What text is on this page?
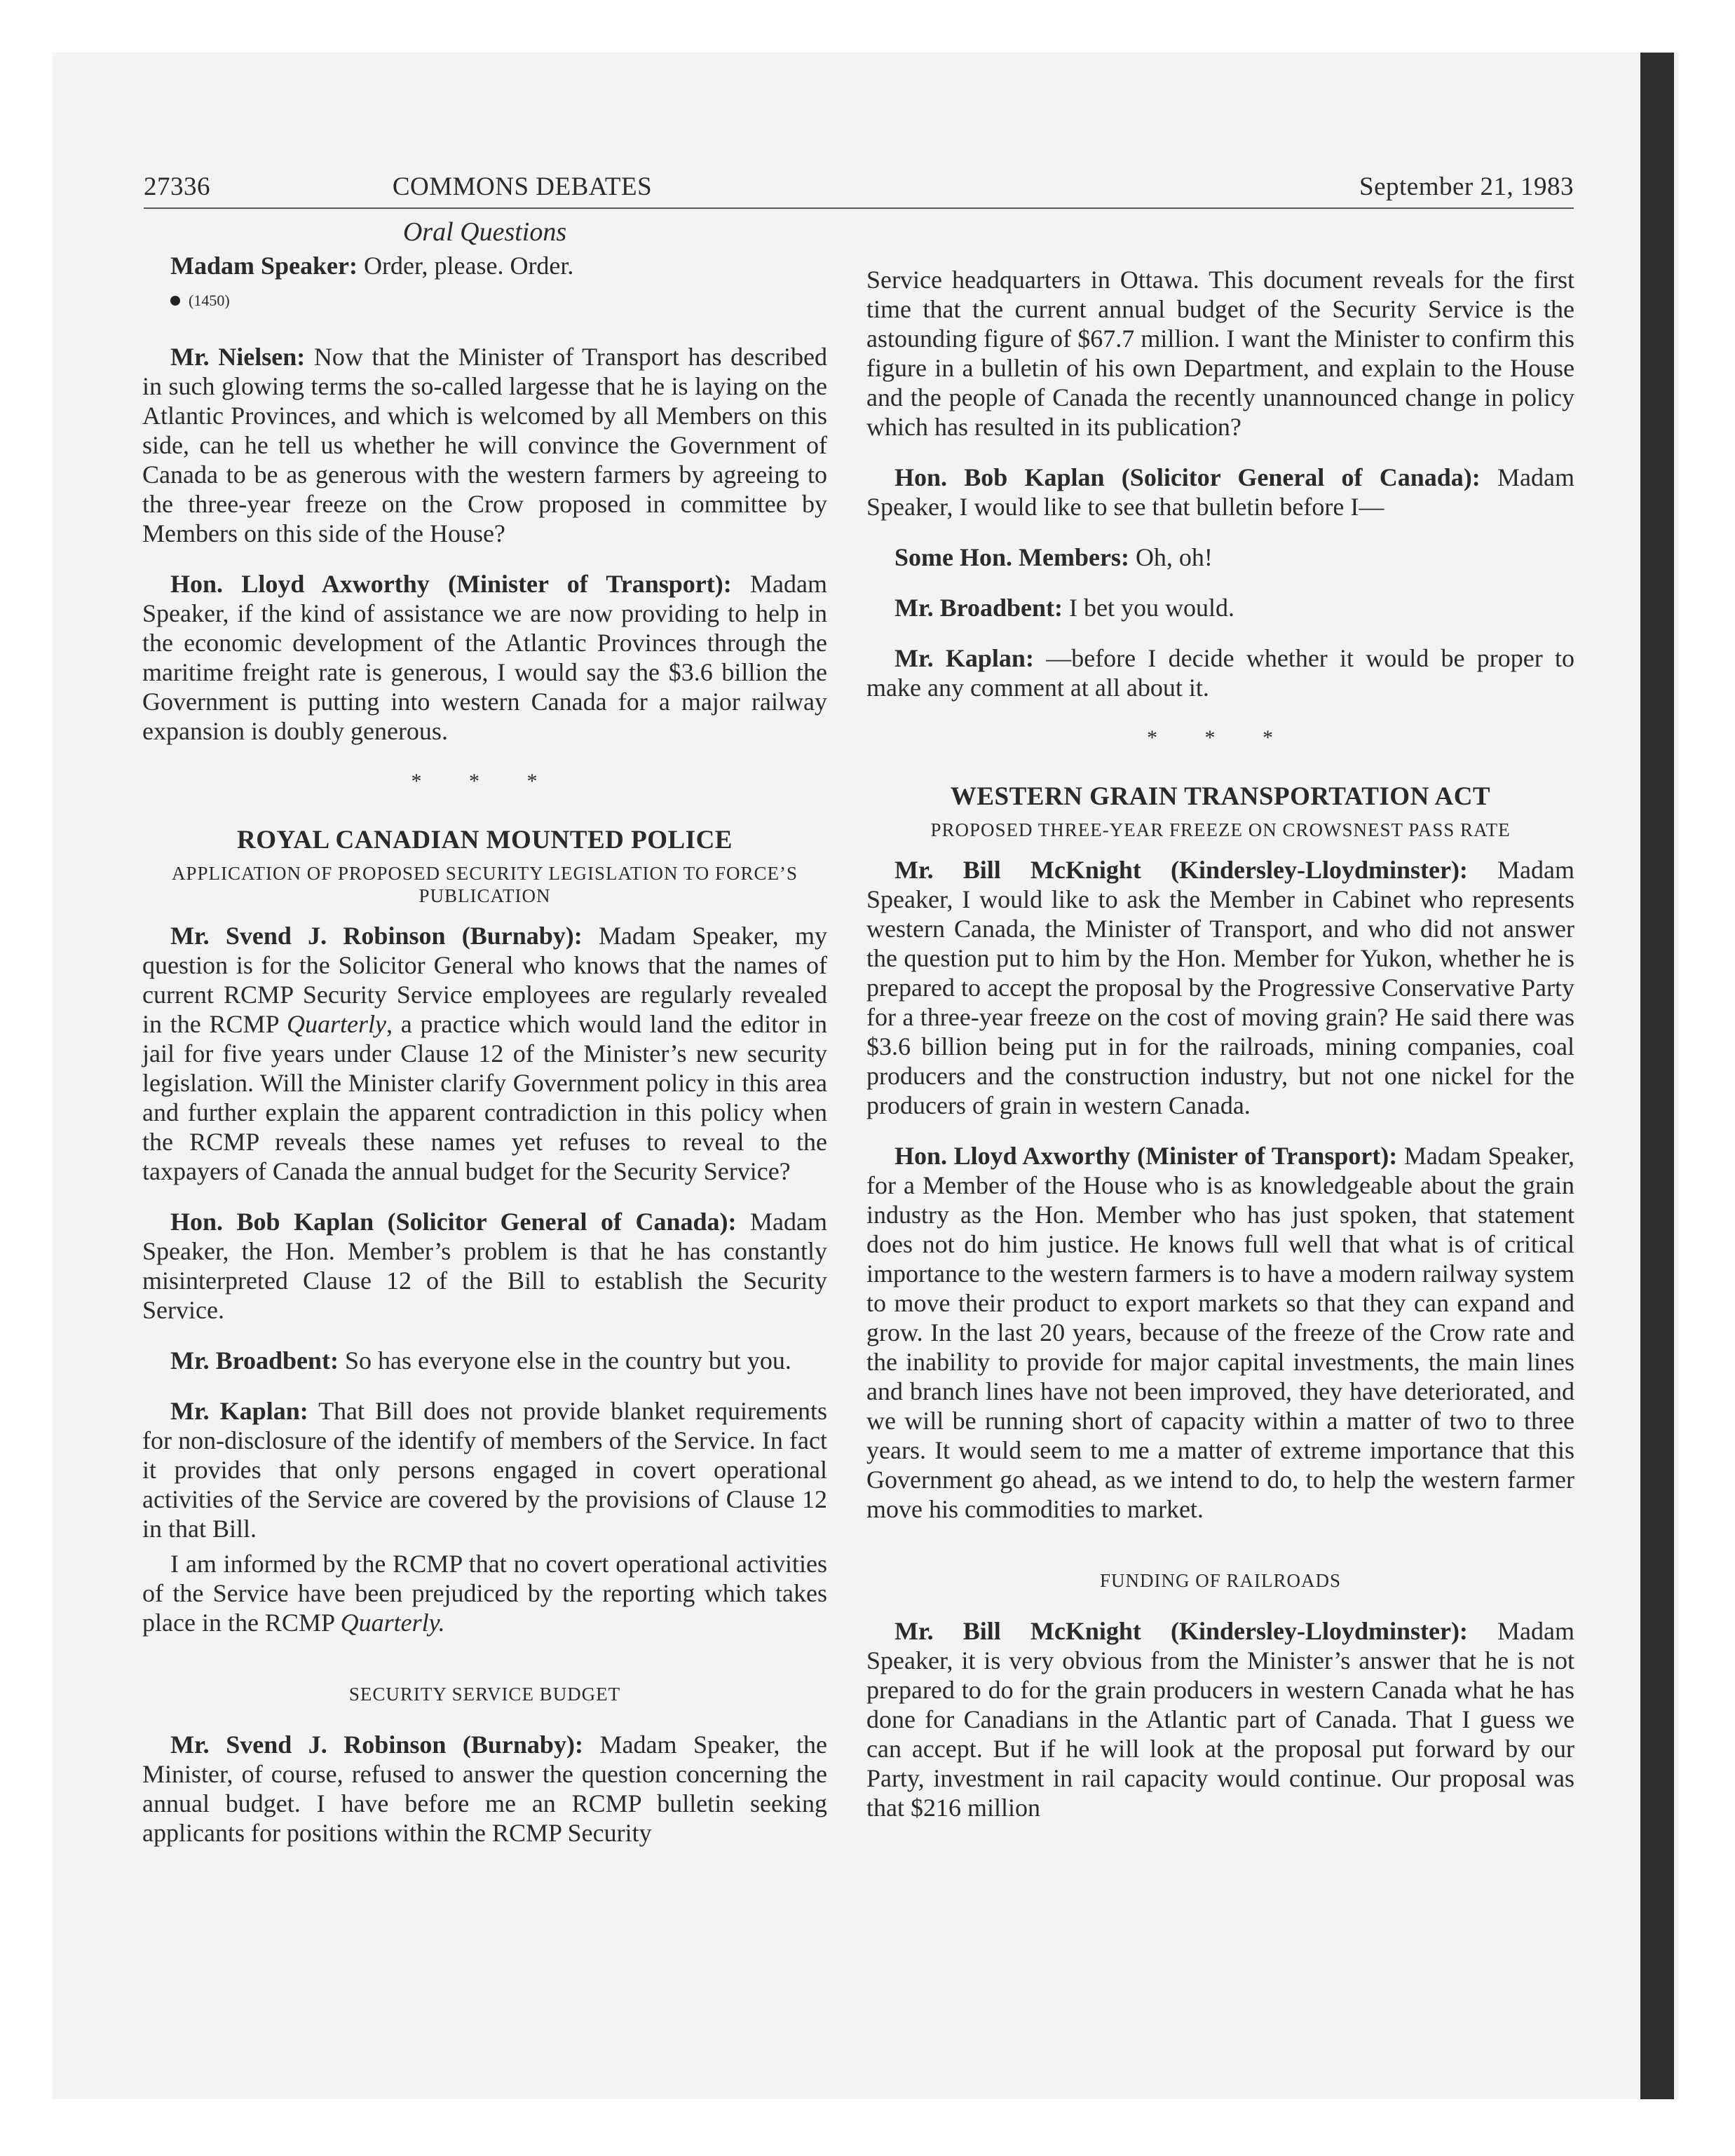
27336	COMMONS DEBATES	September 21, 1983
Oral Questions

Madam Speaker: Order, please. Order.

(1450)

Mr. Nielsen: Now that the Minister of Transport has described in such glowing terms the so-called largesse that he is laying on the Atlantic Provinces, and which is welcomed by all Members on this side, can he tell us whether he will convince the Government of Canada to be as generous with the western farmers by agreeing to the three-year freeze on the Crow proposed in committee by Members on this side of the House?

Hon. Lloyd Axworthy (Minister of Transport): Madam Speaker, if the kind of assistance we are now providing to help in the economic development of the Atlantic Provinces through the maritime freight rate is generous, I would say the $3.6 billion the Government is putting into western Canada for a major railway expansion is doubly generous.

* * *
ROYAL CANADIAN MOUNTED POLICE
APPLICATION OF PROPOSED SECURITY LEGISLATION TO FORCE’S PUBLICATION

Mr. Svend J. Robinson (Burnaby): Madam Speaker, my question is for the Solicitor General who knows that the names of current RCMP Security Service employees are regularly revealed in the RCMP Quarterly, a practice which would land the editor in jail for five years under Clause 12 of the Minister’s new security legislation. Will the Minister clarify Government policy in this area and further explain the apparent contradiction in this policy when the RCMP reveals these names yet refuses to reveal to the taxpayers of Canada the annual budget for the Security Service?

Hon. Bob Kaplan (Solicitor General of Canada): Madam Speaker, the Hon. Member’s problem is that he has constantly misinterpreted Clause 12 of the Bill to establish the Security Service.

Mr. Broadbent: So has everyone else in the country but you.

Mr. Kaplan: That Bill does not provide blanket requirements for non-disclosure of the identify of members of the Service. In fact it provides that only persons engaged in covert operational activities of the Service are covered by the provisions of Clause 12 in that Bill.

I am informed by the RCMP that no covert operational activities of the Service have been prejudiced by the reporting which takes place in the RCMP Quarterly.

SECURITY SERVICE BUDGET

Mr. Svend J. Robinson (Burnaby): Madam Speaker, the Minister, of course, refused to answer the question concerning the annual budget. I have before me an RCMP bulletin seeking applicants for positions within the RCMP Security

Service headquarters in Ottawa. This document reveals for the first time that the current annual budget of the Security Service is the astounding figure of $67.7 million. I want the Minister to confirm this figure in a bulletin of his own Department, and explain to the House and the people of Canada the recently unannounced change in policy which has resulted in its publication?

Hon. Bob Kaplan (Solicitor General of Canada): Madam Speaker, I would like to see that bulletin before I—

Some Hon. Members: Oh, oh!

Mr. Broadbent: I bet you would.

Mr. Kaplan: —before I decide whether it would be proper to make any comment at all about it.

* * *
WESTERN GRAIN TRANSPORTATION ACT
PROPOSED THREE-YEAR FREEZE ON CROWSNEST PASS RATE

Mr. Bill McKnight (Kindersley-Lloydminster): Madam Speaker, I would like to ask the Member in Cabinet who represents western Canada, the Minister of Transport, and who did not answer the question put to him by the Hon. Member for Yukon, whether he is prepared to accept the proposal by the Progressive Conservative Party for a three-year freeze on the cost of moving grain? He said there was $3.6 billion being put in for the railroads, mining companies, coal producers and the construction industry, but not one nickel for the producers of grain in western Canada.

Hon. Lloyd Axworthy (Minister of Transport): Madam Speaker, for a Member of the House who is as knowledgeable about the grain industry as the Hon. Member who has just spoken, that statement does not do him justice. He knows full well that what is of critical importance to the western farmers is to have a modern railway system to move their product to export markets so that they can expand and grow. In the last 20 years, because of the freeze of the Crow rate and the inability to provide for major capital investments, the main lines and branch lines have not been improved, they have deteriorated, and we will be running short of capacity within a matter of two to three years. It would seem to me a matter of extreme importance that this Government go ahead, as we intend to do, to help the western farmer move his commodities to market.

FUNDING OF RAILROADS

Mr. Bill McKnight (Kindersley-Lloydminster): Madam Speaker, it is very obvious from the Minister’s answer that he is not prepared to do for the grain producers in western Canada what he has done for Canadians in the Atlantic part of Canada. That I guess we can accept. But if he will look at the proposal put forward by our Party, investment in rail capacity would continue. Our proposal was that $216 million
